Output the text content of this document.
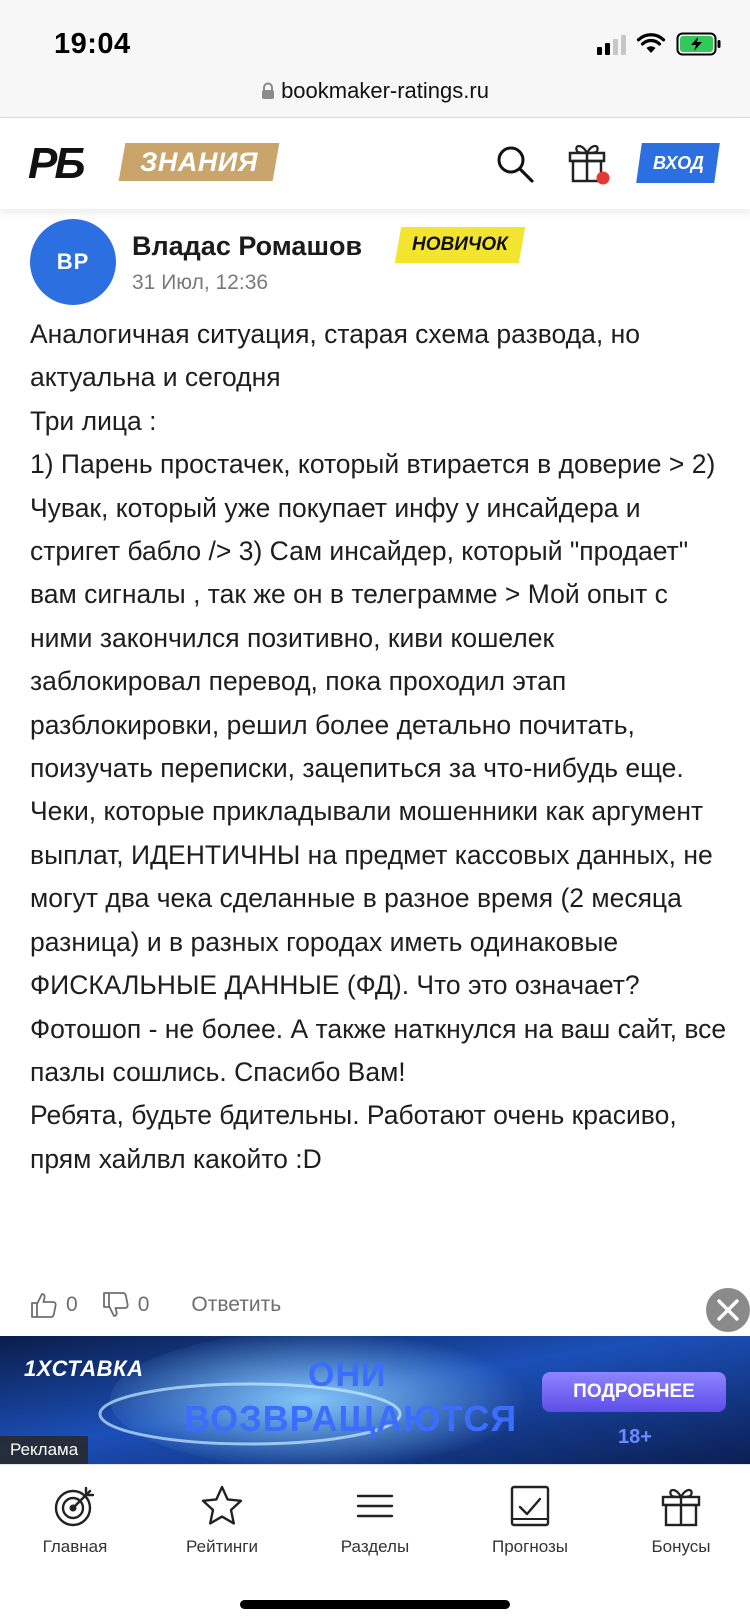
19:04
bookmaker-ratings.ru
РБ	ЗНАНИЯ	ВХОД
ВР
Владас Ромашов	НОВИЧОК
31 Июл, 12:36
Аналогичная ситуация, старая схема развода, но актуальна и сегодня
Три лица :
1) Парень простачек, который втирается в доверие > 2) Чувак, который уже покупает инфу у инсайдера и стригет бабло /> 3) Сам инсайдер, который "продает" вам сигналы , так же он в телеграмме > Мой опыт с ними закончился позитивно, киви кошелек заблокировал перевод, пока проходил этап разблокировки, решил более детально почитать, поизучать переписки, зацепиться за что-нибудь еще. Чеки, которые прикладывали мошенники как аргумент выплат, ИДЕНТИЧНЫ на предмет кассовых данных, не могут два чека сделанные в разное время (2 месяца разница) и в разных городах иметь одинаковые ФИСКАЛЬНЫЕ ДАННЫЕ (ФД). Что это означает? Фотошоп - не более. А также наткнулся на ваш сайт, все пазлы сошлись. Спасибо Вам!
Ребята, будьте бдительны. Работают очень красиво, прям хайлвл какойто :D
0	0 Ответить
1ХСТАВКА	ОНИ
ВОЗВРАЩАЮТСЯ
ПОДРОБНЕЕ
18+
Реклама
Главная	Рейтинги	Разделы	Прогнозы	Бонусы
